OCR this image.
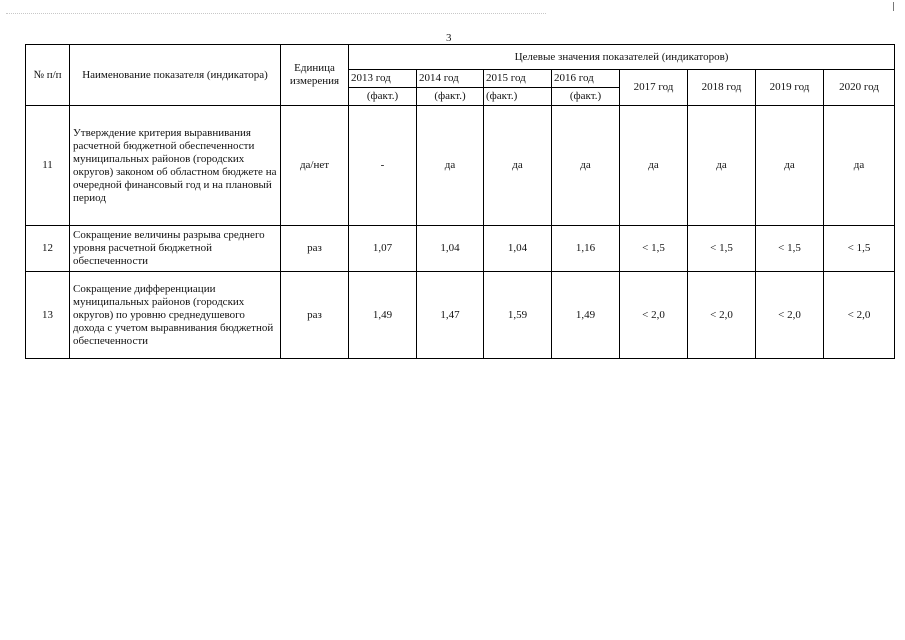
3
№ п/п	Наименование показателя (индикатора)	Единица измерения	Целевые значения показателей (индикаторов)							
			2013 год	2014 год	2015 год	2016 год	2017 год	2018 год	2019 год	2020 год
			(факт.)	(факт.)	(факт.)	(факт.)				
11	Утверждение критерия выравнивания расчетной бюджетной обеспеченности муниципальных районов (городских округов) законом об областном бюджете на очередной финансовый год и на плановый период	да/нет	-	да	да	да	да	да	да	да
12	Сокращение величины разрыва среднего уровня расчетной бюджетной обеспеченности	раз	1,07	1,04	1,04	1,16	< 1,5	< 1,5	< 1,5	< 1,5
13	Сокращение дифференциации муниципальных районов (городских округов) по уровню среднедушевого дохода с учетом выравнивания бюджетной обеспеченности	раз	1,49	1,47	1,59	1,49	< 2,0	< 2,0	< 2,0	< 2,0
